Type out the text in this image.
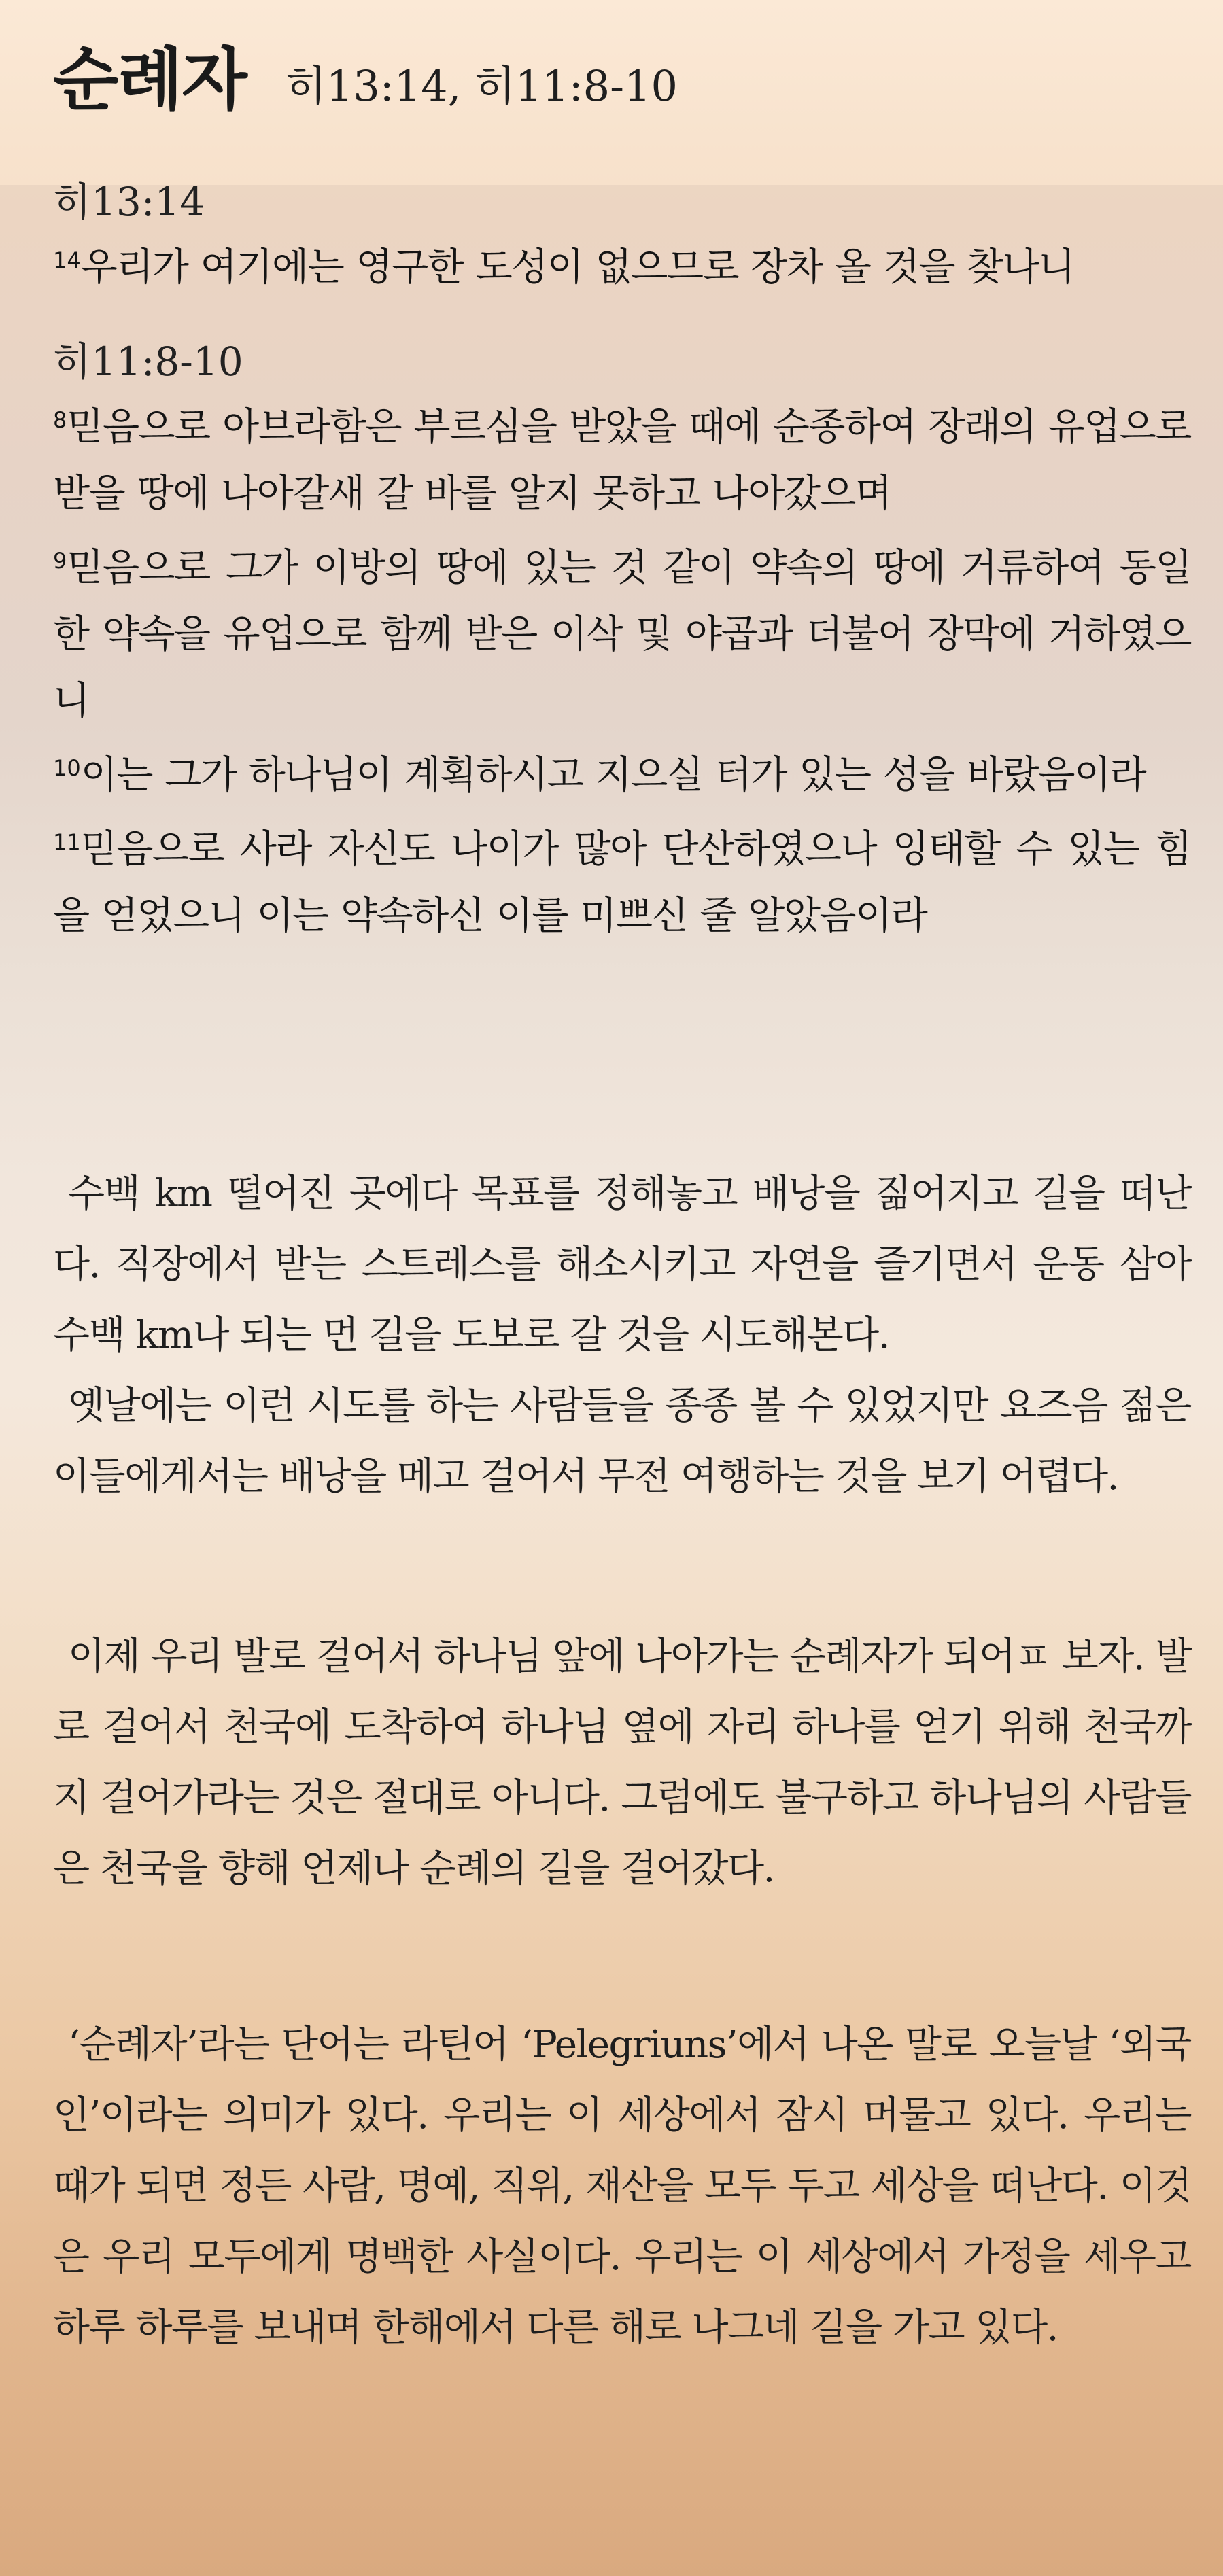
순례자 히13:14, 히11:8-10
히13:14
$^{14}$우리가 여기에는 영구한 도성이 없으므로 장차 올 것을 찾나니
히11:8-10
$^8$믿음으로 아브라함은 부르심을 받았을 때에 순종하여 장래의 유업으로 받을 땅에 나아갈새 갈 바를 알지 못하고 나아갔으며
$^9$믿음으로 그가 이방의 땅에 있는 것 같이 약속의 땅에 거류하여 동일한 약속을 유업으로 함께 받은 이삭 및 야곱과 더불어 장막에 거하였으니
$^{10}$이는 그가 하나님이 계획하시고 지으실 터가 있는 성을 바랐음이라
$^{11}$믿음으로 사라 자신도 나이가 많아 단산하였으나 잉태할 수 있는 힘을 얻었으니 이는 약속하신 이를 미쁘신 줄 알았음이라

수백 km 떨어진 곳에다 목표를 정해놓고 배낭을 짊어지고 길을 떠난다. 직장에서 받는 스트레스를 해소시키고 자연을 즐기면서 운동 삼아 수백 km나 되는 먼 길을 도보로 갈 것을 시도해본다.

옛날에는 이런 시도를 하는 사람들을 종종 볼 수 있었지만 요즈음 젊은이들에게서는 배낭을 메고 걸어서 무전 여행하는 것을 보기 어렵다.

이제 우리 발로 걸어서 하나님 앞에 나아가는 순례자가 되어ㅍ 보자. 발로 걸어서 천국에 도착하여 하나님 옆에 자리 하나를 얻기 위해 천국까지 걸어가라는 것은 절대로 아니다. 그럼에도 불구하고 하나님의 사람들은 천국을 향해 언제나 순례의 길을 걸어갔다.

‘순례자’라는 단어는 라틴어 ‘Pelegriuns’에서 나온 말로 오늘날 ‘외국인’이라는 의미가 있다. 우리는 이 세상에서 잠시 머물고 있다. 우리는 때가 되면 정든 사람, 명예, 직위, 재산을 모두 두고 세상을 떠난다. 이것은 우리 모두에게 명백한 사실이다. 우리는 이 세상에서 가정을 세우고 하루 하루를 보내며 한해에서 다른 해로 나그네 길을 가고 있다.
